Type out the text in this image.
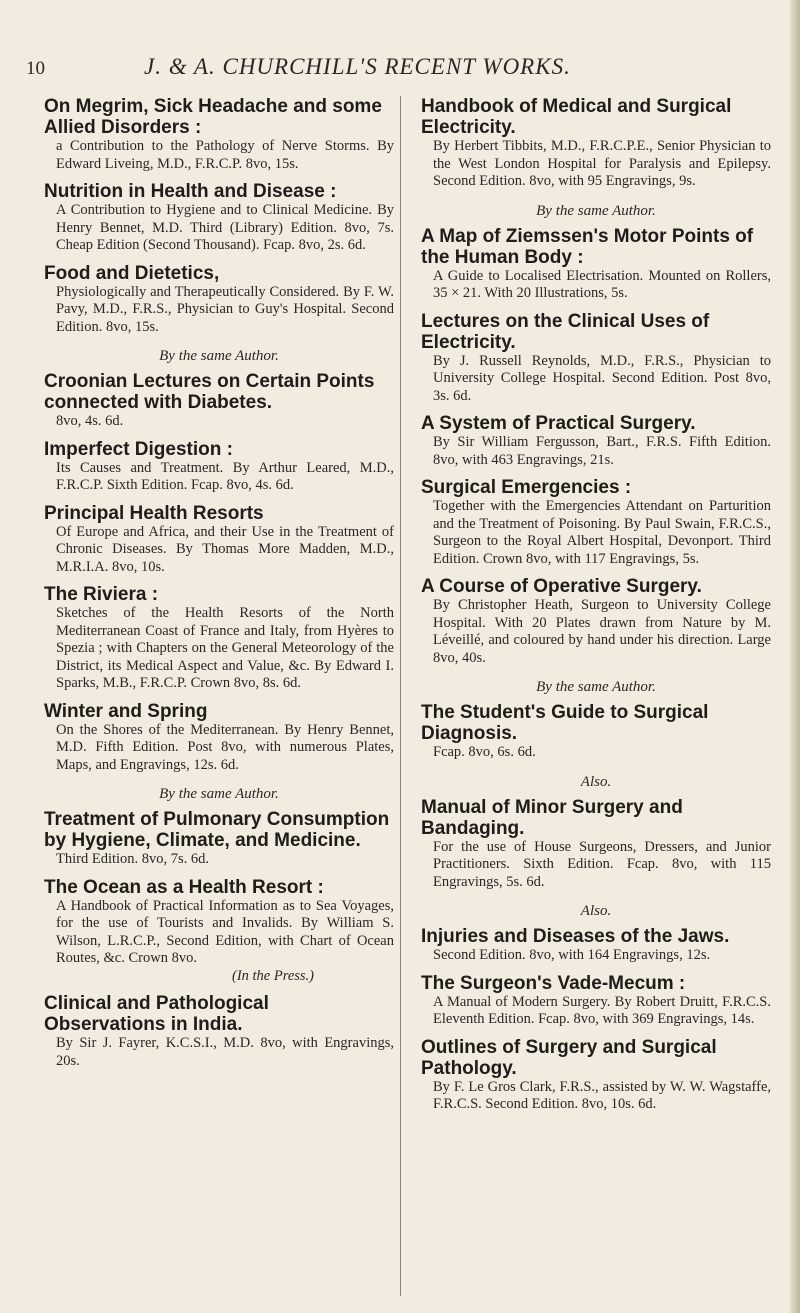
10	J. & A. CHURCHILL'S RECENT WORKS.
On Megrim, Sick Headache and some Allied Disorders :
a Contribution to the Pathology of Nerve Storms. By Edward Liveing, M.D., F.R.C.P. 8vo, 15s.
Nutrition in Health and Disease :
A Contribution to Hygiene and to Clinical Medicine. By Henry Bennet, M.D. Third (Library) Edition. 8vo, 7s. Cheap Edition (Second Thousand). Fcap. 8vo, 2s. 6d.
Food and Dietetics,
Physiologically and Therapeutically Considered. By F. W. Pavy, M.D., F.R.S., Physician to Guy's Hospital. Second Edition. 8vo, 15s.
By the same Author.
Croonian Lectures on Certain Points connected with Diabetes.
8vo, 4s. 6d.
Imperfect Digestion :
Its Causes and Treatment. By Arthur Leared, M.D., F.R.C.P. Sixth Edition. Fcap. 8vo, 4s. 6d.
Principal Health Resorts
Of Europe and Africa, and their Use in the Treatment of Chronic Diseases. By Thomas More Madden, M.D., M.R.I.A. 8vo, 10s.
The Riviera :
Sketches of the Health Resorts of the North Mediterranean Coast of France and Italy, from Hyères to Spezia ; with Chapters on the General Meteorology of the District, its Medical Aspect and Value, &c. By Edward I. Sparks, M.B., F.R.C.P. Crown 8vo, 8s. 6d.
Winter and Spring
On the Shores of the Mediterranean. By Henry Bennet, M.D. Fifth Edition. Post 8vo, with numerous Plates, Maps, and Engravings, 12s. 6d.
By the same Author.
Treatment of Pulmonary Consumption by Hygiene, Climate, and Medicine.
Third Edition. 8vo, 7s. 6d.
The Ocean as a Health Resort :
A Handbook of Practical Information as to Sea Voyages, for the use of Tourists and Invalids. By William S. Wilson, L.R.C.P., Second Edition, with Chart of Ocean Routes, &c. Crown 8vo.
(In the Press.)
Clinical and Pathological Observations in India.
By Sir J. Fayrer, K.C.S.I., M.D. 8vo, with Engravings, 20s.
Handbook of Medical and Surgical Electricity.
By Herbert Tibbits, M.D., F.R.C.P.E., Senior Physician to the West London Hospital for Paralysis and Epilepsy. Second Edition. 8vo, with 95 Engravings, 9s.
By the same Author.
A Map of Ziemssen's Motor Points of the Human Body :
A Guide to Localised Electrisation. Mounted on Rollers, 35 × 21. With 20 Illustrations, 5s.
Lectures on the Clinical Uses of Electricity.
By J. Russell Reynolds, M.D., F.R.S., Physician to University College Hospital. Second Edition. Post 8vo, 3s. 6d.
A System of Practical Surgery.
By Sir William Fergusson, Bart., F.R.S. Fifth Edition. 8vo, with 463 Engravings, 21s.
Surgical Emergencies :
Together with the Emergencies Attendant on Parturition and the Treatment of Poisoning. By Paul Swain, F.R.C.S., Surgeon to the Royal Albert Hospital, Devonport. Third Edition. Crown 8vo, with 117 Engravings, 5s.
A Course of Operative Surgery.
By Christopher Heath, Surgeon to University College Hospital. With 20 Plates drawn from Nature by M. Léveillé, and coloured by hand under his direction. Large 8vo, 40s.
By the same Author.
The Student's Guide to Surgical Diagnosis.
Fcap. 8vo, 6s. 6d.
Also.
Manual of Minor Surgery and Bandaging.
For the use of House Surgeons, Dressers, and Junior Practitioners. Sixth Edition. Fcap. 8vo, with 115 Engravings, 5s. 6d.
Also.
Injuries and Diseases of the Jaws.
Second Edition. 8vo, with 164 Engravings, 12s.
The Surgeon's Vade-Mecum :
A Manual of Modern Surgery. By Robert Druitt, F.R.C.S. Eleventh Edition. Fcap. 8vo, with 369 Engravings, 14s.
Outlines of Surgery and Surgical Pathology.
By F. Le Gros Clark, F.R.S., assisted by W. W. Wagstaffe, F.R.C.S. Second Edition. 8vo, 10s. 6d.
